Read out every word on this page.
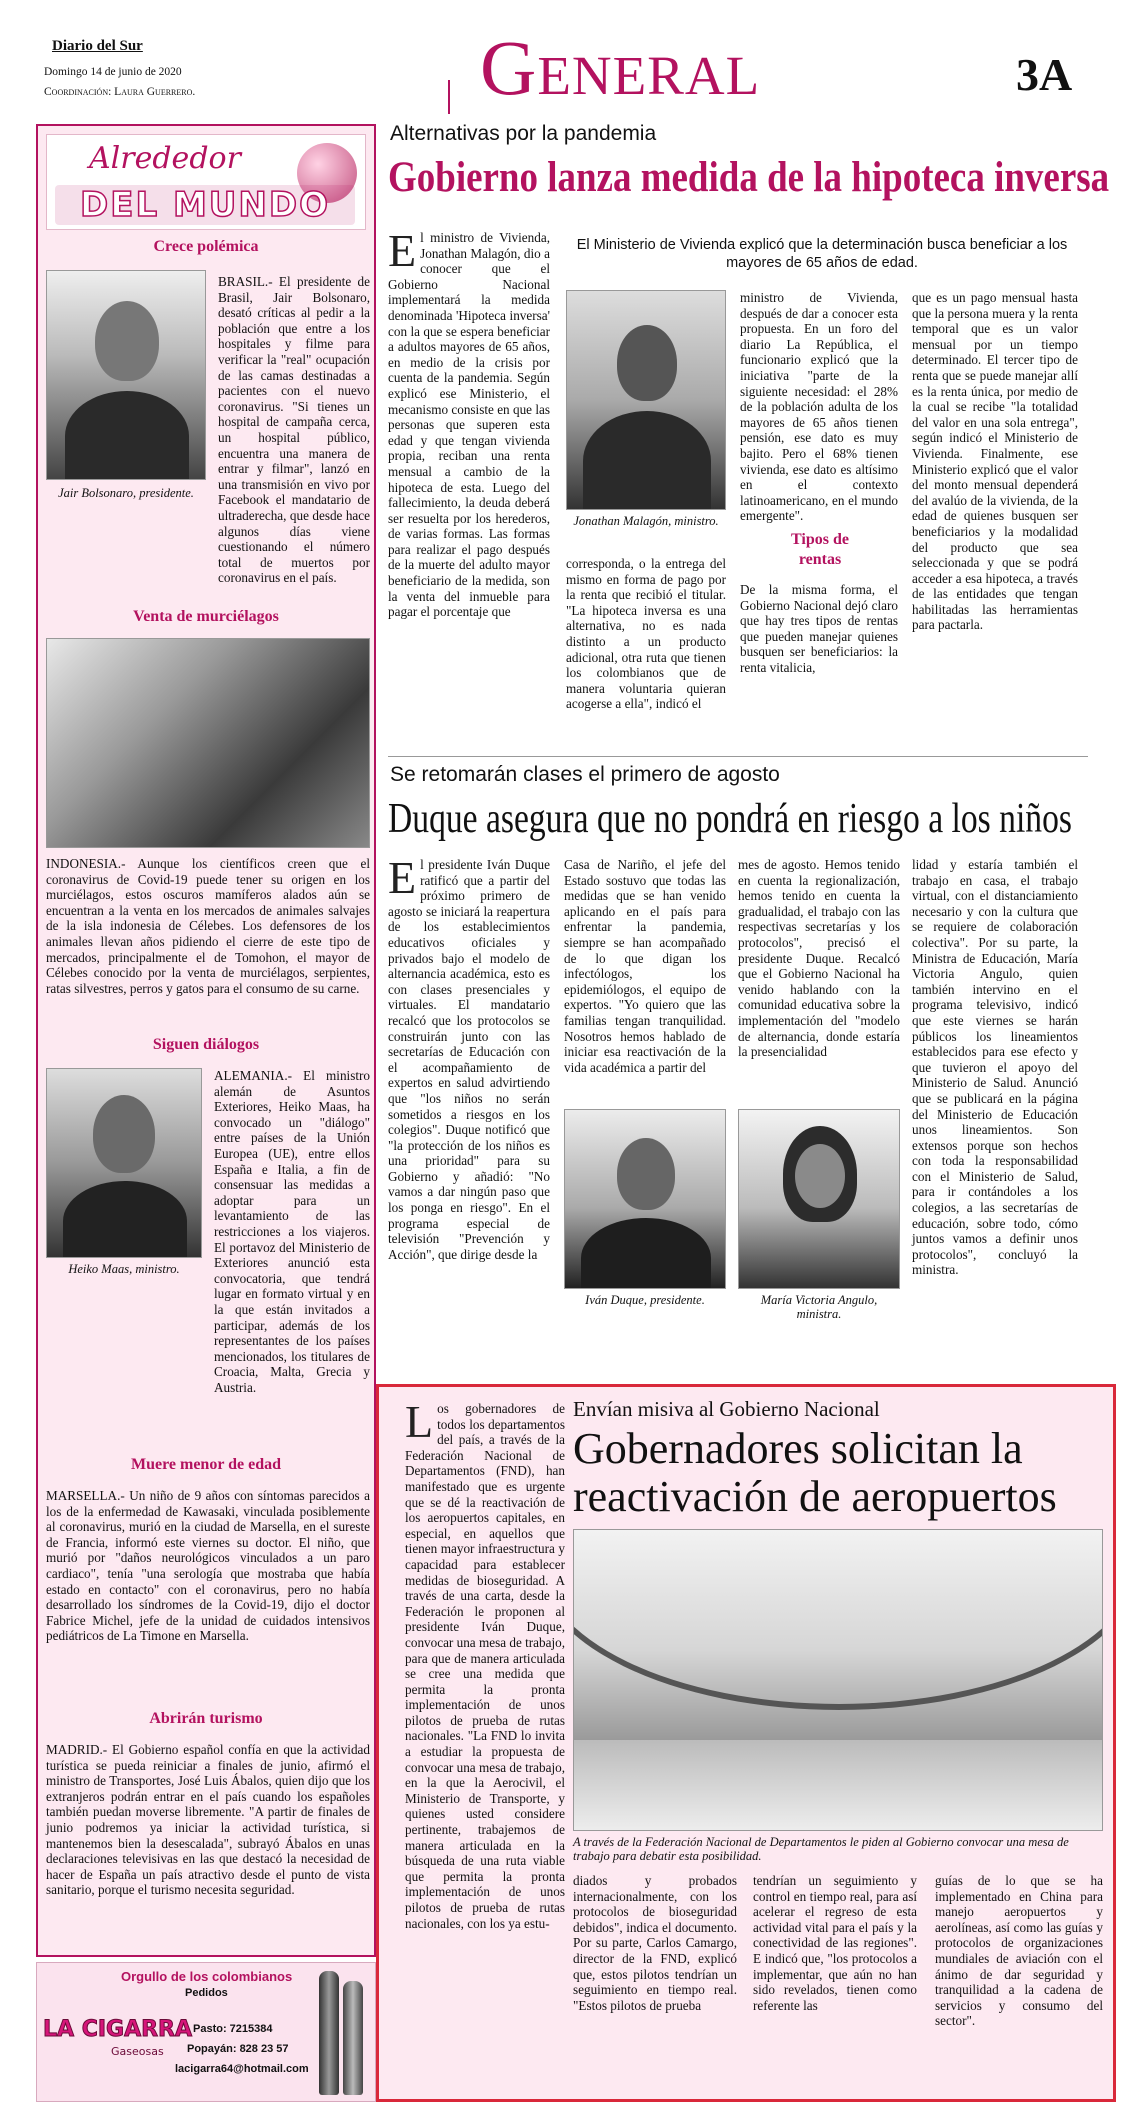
Diario del Sur
Domingo 14 de junio de 2020
Coordinación: Laura Guerrero.	General	3A
Alrededor
DEL MUNDO
Crece polémica
Jair Bolsonaro, presidente.
BRASIL.- El presidente de Brasil, Jair Bolsonaro, desató críticas al pedir a la población que entre a los hospitales y filme para verificar la "real" ocupación de las camas destinadas a pacientes con el nuevo coronavirus. "Si tienes un hospital de campaña cerca, un hospital público, encuentra una manera de entrar y filmar", lanzó en una transmisión en vivo por Facebook el mandatario de ultraderecha, que desde hace algunos días viene cuestionando el número total de muertos por coronavirus en el país.
Venta de murciélagos
INDONESIA.- Aunque los científicos creen que el coronavirus de Covid-19 puede tener su origen en los murciélagos, estos oscuros mamíferos alados aún se encuentran a la venta en los mercados de animales salvajes de la isla indonesia de Célebes. Los defensores de los animales llevan años pidiendo el cierre de este tipo de mercados, principalmente el de Tomohon, el mayor de Célebes conocido por la venta de murciélagos, serpientes, ratas silvestres, perros y gatos para el consumo de su carne.
Siguen diálogos
Heiko Maas, ministro.
ALEMANIA.- El ministro alemán de Asuntos Exteriores, Heiko Maas, ha convocado un "diálogo" entre países de la Unión Europea (UE), entre ellos España e Italia, a fin de consensuar las medidas a adoptar para un levantamiento de las restricciones a los viajeros. El portavoz del Ministerio de Exteriores anunció esta convocatoria, que tendrá lugar en formato virtual y en la que están invitados a participar, además de los representantes de los países mencionados, los titulares de Croacia, Malta, Grecia y Austria.
Muere menor de edad
MARSELLA.- Un niño de 9 años con síntomas parecidos a los de la enfermedad de Kawasaki, vinculada posiblemente al coronavirus, murió en la ciudad de Marsella, en el sureste de Francia, informó este viernes su doctor. El niño, que murió por "daños neurológicos vinculados a un paro cardiaco", tenía "una serología que mostraba que había estado en contacto" con el coronavirus, pero no había desarrollado los síndromes de la Covid-19, dijo el doctor Fabrice Michel, jefe de la unidad de cuidados intensivos pediátricos de La Timone en Marsella.
Abrirán turismo
MADRID.- El Gobierno español confía en que la actividad turística se pueda reiniciar a finales de junio, afirmó el ministro de Transportes, José Luis Ábalos, quien dijo que los extranjeros podrán entrar en el país cuando los españoles también puedan moverse libremente. "A partir de finales de junio podremos ya iniciar la actividad turística, si mantenemos bien la desescalada", subrayó Ábalos en unas declaraciones televisivas en las que destacó la necesidad de hacer de España un país atractivo desde el punto de vista sanitario, porque el turismo necesita seguridad.
Orgullo de los colombianos
LA CIGARRA
Gaseosas
Pedidos
Pasto: 7215384
Popayán: 828 23 57
lacigarra64@hotmail.com
Alternativas por la pandemia
Gobierno lanza medida de la hipoteca inversa
E l ministro de Vivienda, Jonathan Malagón, dio a conocer que el Gobierno Nacional implementará la medida denominada 'Hipoteca inversa' con la que se espera beneficiar a adultos mayores de 65 años, en medio de la crisis por cuenta de la pandemia. Según explicó ese Ministerio, el mecanismo consiste en que las personas que superen esta edad y que tengan vivienda propia, reciban una renta mensual a cambio de la hipoteca de esta. Luego del fallecimiento, la deuda deberá ser resuelta por los herederos, de varias formas. Las formas para realizar el pago después de la muerte del adulto mayor beneficiario de la medida, son la venta del inmueble para pagar el porcentaje que
El Ministerio de Vivienda explicó que la determinación busca beneficiar a los mayores de 65 años de edad.
Jonathan Malagón, ministro.
corresponda, o la entrega del mismo en forma de pago por la renta que recibió el titular. "La hipoteca inversa es una alternativa, no es nada distinto a un producto adicional, otra ruta que tienen los colombianos que de manera voluntaria quieran acogerse a ella", indicó el
ministro de Vivienda, después de dar a conocer esta propuesta. En un foro del diario La República, el funcionario explicó que la iniciativa "parte de la siguiente necesidad: el 28% de la población adulta de los mayores de 65 años tienen pensión, ese dato es muy bajito. Pero el 68% tienen vivienda, ese dato es altísimo en el contexto latinoamericano, en el mundo emergente".
Tipos de rentas
De la misma forma, el Gobierno Nacional dejó claro que hay tres tipos de rentas que pueden manejar quienes busquen ser beneficiarios: la renta vitalicia,
que es un pago mensual hasta que la persona muera y la renta temporal que es un valor mensual por un tiempo determinado. El tercer tipo de renta que se puede manejar allí es la renta única, por medio de la cual se recibe "la totalidad del valor en una sola entrega", según indicó el Ministerio de Vivienda. Finalmente, ese Ministerio explicó que el valor del monto mensual dependerá del avalúo de la vivienda, de la edad de quienes busquen ser beneficiarios y la modalidad del producto que sea seleccionada y que se podrá acceder a esa hipoteca, a través de las entidades que tengan habilitadas las herramientas para pactarla.
Se retomarán clases el primero de agosto
Duque asegura que no pondrá en riesgo a los niños
E l presidente Iván Duque ratificó que a partir del próximo primero de agosto se iniciará la reapertura de los establecimientos educativos oficiales y privados bajo el modelo de alternancia académica, esto es con clases presenciales y virtuales. El mandatario recalcó que los protocolos se construirán junto con las secretarías de Educación con el acompañamiento de expertos en salud advirtiendo que "los niños no serán sometidos a riesgos en los colegios". Duque notificó que "la protección de los niños es una prioridad" para su Gobierno y añadió: "No vamos a dar ningún paso que los ponga en riesgo". En el programa especial de televisión "Prevención y Acción", que dirige desde la
Casa de Nariño, el jefe del Estado sostuvo que todas las medidas que se han venido aplicando en el país para enfrentar la pandemia, siempre se han acompañado de lo que digan los infectólogos, los epidemiólogos, el equipo de expertos. "Yo quiero que las familias tengan tranquilidad. Nosotros hemos hablado de iniciar esa reactivación de la vida académica a partir del
mes de agosto. Hemos tenido en cuenta la regionalización, hemos tenido en cuenta la gradualidad, el trabajo con las respectivas secretarías y los protocolos", precisó el presidente Duque. Recalcó que el Gobierno Nacional ha venido hablando con la comunidad educativa sobre la implementación del "modelo de alternancia, donde estaría la presencialidad
lidad y estaría también el trabajo en casa, el trabajo virtual, con el distanciamiento necesario y con la cultura que se requiere de colaboración colectiva". Por su parte, la Ministra de Educación, María Victoria Angulo, quien también intervino en el programa televisivo, indicó que este viernes se harán públicos los lineamientos establecidos para ese efecto y que tuvieron el apoyo del Ministerio de Salud. Anunció que se publicará en la página del Ministerio de Educación unos lineamientos. Son extensos porque son hechos con toda la responsabilidad con el Ministerio de Salud, para ir contándoles a los colegios, a las secretarías de educación, sobre todo, cómo juntos vamos a definir unos protocolos", concluyó la ministra.
Iván Duque, presidente.	María Victoria Angulo, ministra.
L os gobernadores de todos los departamentos del país, a través de la Federación Nacional de Departamentos (FND), han manifestado que es urgente que se dé la reactivación de los aeropuertos capitales, en especial, en aquellos que tienen mayor infraestructura y capacidad para establecer medidas de bioseguridad. A través de una carta, desde la Federación le proponen al presidente Iván Duque, convocar una mesa de trabajo, para que de manera articulada se cree una medida que permita la pronta implementación de unos pilotos de prueba de rutas nacionales. "La FND lo invita a estudiar la propuesta de convocar una mesa de trabajo, en la que la Aerocivil, el Ministerio de Transporte, y quienes usted considere pertinente, trabajemos de manera articulada en la búsqueda de una ruta viable que permita la pronta implementación de unos pilotos de prueba de rutas nacionales, con los ya estu-
Envían misiva al Gobierno Nacional
Gobernadores solicitan la reactivación de aeropuertos
A través de la Federación Nacional de Departamentos le piden al Gobierno convocar una mesa de trabajo para debatir esta posibilidad.
diados y probados internacionalmente, con los protocolos de bioseguridad debidos", indica el documento. Por su parte, Carlos Camargo, director de la FND, explicó que, estos pilotos tendrían un seguimiento en tiempo real. "Estos pilotos de prueba
tendrían un seguimiento y control en tiempo real, para así acelerar el regreso de esta actividad vital para el país y la conectividad de las regiones". E indicó que, "los protocolos a implementar, que aún no han sido revelados, tienen como referente las
guías de lo que se ha implementado en China para manejo aeropuertos y aerolíneas, así como las guías y protocolos de organizaciones mundiales de aviación con el ánimo de dar seguridad y tranquilidad a la cadena de servicios y consumo del sector".
